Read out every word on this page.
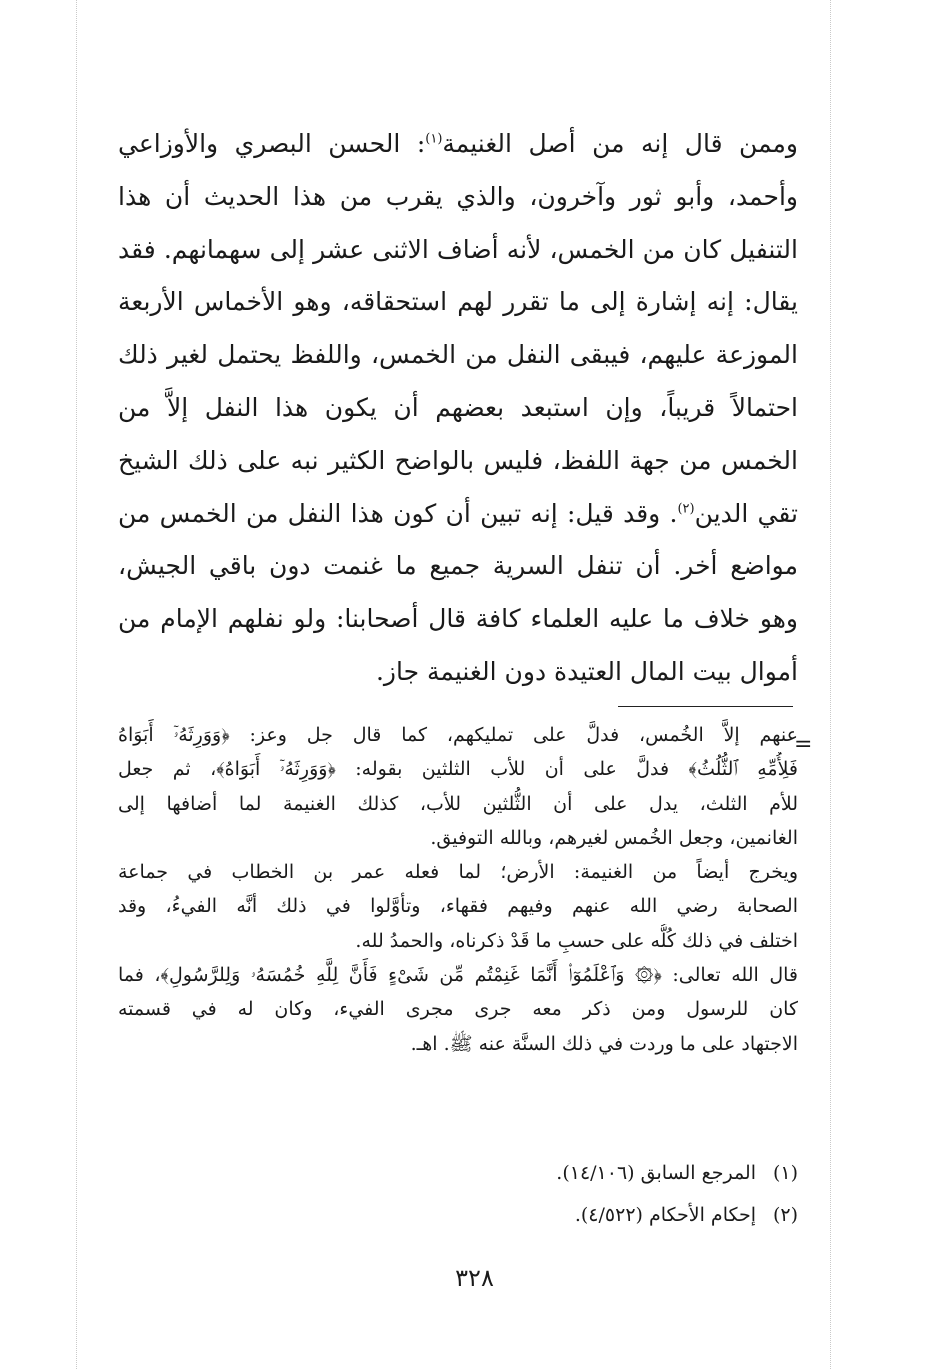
وممن قال إنه من أصل الغنيمة$^{(١)}$: الحسن البصري والأوزاعي
وأحمد، وأبو ثور وآخرون، والذي يقرب من هذا الحديث أن هذا
التنفيل كان من الخمس، لأنه أضاف الاثنى عشر إلى سهمانهم. فقد
يقال: إنه إشارة إلى ما تقرر لهم استحقاقه، وهو الأخماس الأربعة
الموزعة عليهم، فيبقى النفل من الخمس، واللفظ يحتمل لغير ذلك
احتمالاً قريباً، وإن استبعد بعضهم أن يكون هذا النفل إلاَّ من
الخمس من جهة اللفظ، فليس بالواضح الكثير نبه على ذلك الشيخ
تقي الدين$^{(٢)}$. وقد قيل: إنه تبين أن كون هذا النفل من الخمس من
مواضع أخر. أن تنفل السرية جميع ما غنمت دون باقي الجيش،
وهو خلاف ما عليه العلماء كافة قال أصحابنا: ولو نفلهم الإمام من
أموال بيت المال العتيدة دون الغنيمة جاز.
=
عنهم إلاَّ الخُمس، فدلَّ على تمليكهم، كما قال جل وعز: ﴿وَوَرِثَهُۥٓ أَبَوَاهُ
فَلِأُمِّهِ ٱلثُّلُثُ﴾ فدلَّ على أن للأب الثلثين بقوله: ﴿وَوَرِثَهُۥٓ أَبَوَاهُ﴾، ثم جعل
للأم الثلث، يدل على أن الثُّلثين للأب، كذلك الغنيمة لما أضافها إلى
الغانمين، وجعل الخُمس لغيرهم، وبالله التوفيق.
ويخرج أيضاً من الغنيمة: الأرض؛ لما فعله عمر بن الخطاب في جماعة
الصحابة رضي الله عنهم وفيهم فقهاء، وتأوَّلوا في ذلك أنَّه الفيءُ، وقد
اختلف في ذلك كُلُّه على حسبِ ما قَدْ ذكرناه، والحمدُ لله.
قال الله تعالى: ﴿۞ وَٱعْلَمُوٓا۟ أَنَّمَا غَنِمْتُم مِّن شَىْءٍ فَأَنَّ لِلَّهِ خُمُسَهُۥ وَلِلرَّسُولِ﴾، فما
كان للرسول ومن ذكر معه جرى مجرى الفيء، وكان له في قسمته
الاجتهاد على ما وردت في ذلك السنَّة عنه ﷺ. اهـ.
(١)المرجع السابق (١٤/١٠٦).
(٢)إحكام الأحكام (٤/٥٢٢).
٣٢٨
